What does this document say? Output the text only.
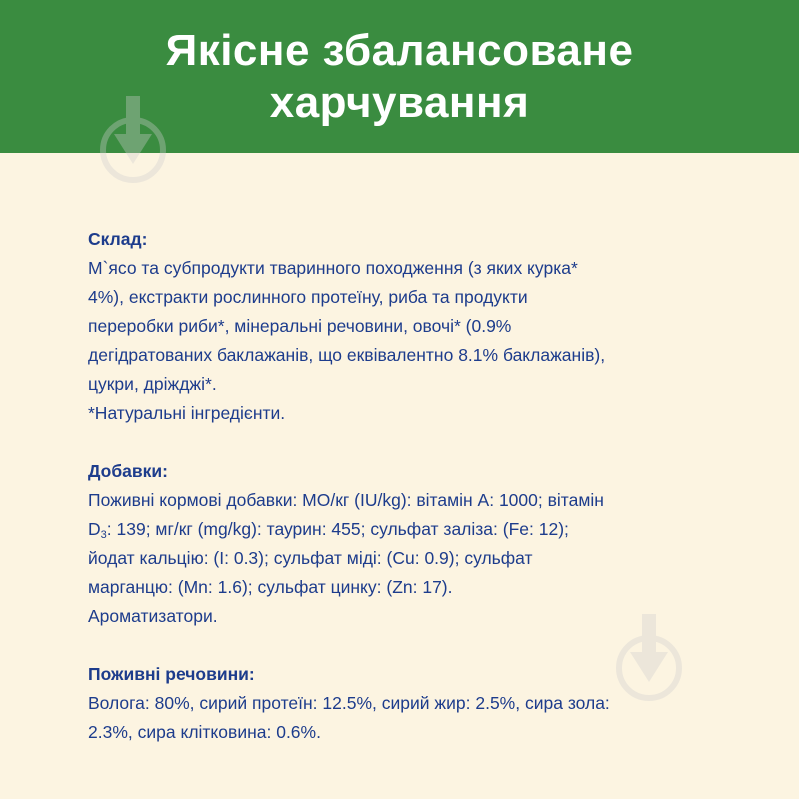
Якісне збалансоване
харчування
Склад:
М`ясо та субпродукти тваринного походження (з яких курка*
4%), екстракти рослинного протеїну, риба та продукти
переробки риби*, мінеральні речовини, овочі* (0.9%
дегідратованих баклажанів, що еквівалентно 8.1% баклажанів),
цукри, дріжджі*.
*Натуральні інгредієнти.
Добавки:
Поживні кормові добавки: МО/кг (IU/kg): вітамін А: 1000; вітамін
$D_3$: 139; мг/кг (mg/kg): таурин: 455; сульфат заліза: (Fe: 12);
йодат кальцію: (I: 0.3); сульфат міді: (Cu: 0.9); сульфат
марганцю: (Mn: 1.6); сульфат цинку: (Zn: 17).
Ароматизатори.
Поживні речовини:
Волога: 80%, сирий протеїн: 12.5%, сирий жир: 2.5%, сира зола:
2.3%, сира клітковина: 0.6%.
